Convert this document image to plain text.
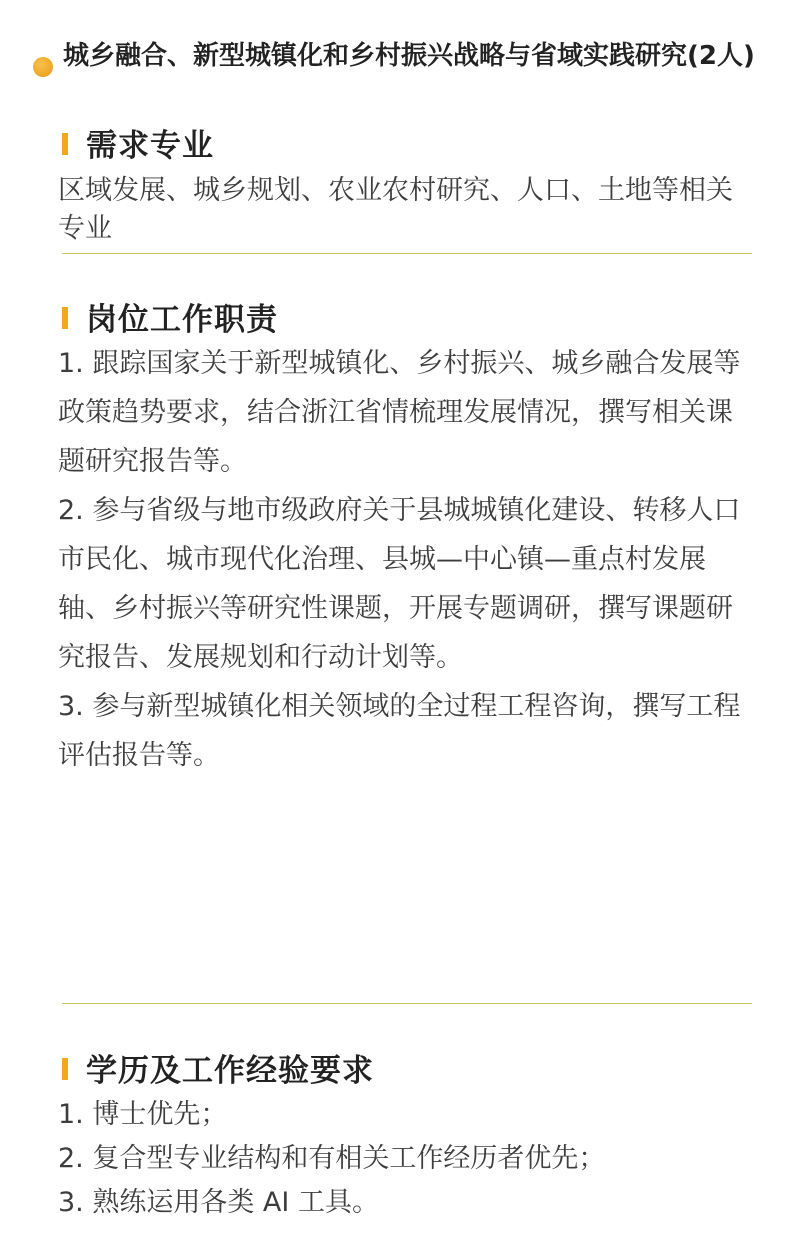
城乡融合、新型城镇化和乡村振兴战略与省域实践研究(2人)
需求专业

区域发展、城乡规划、农业农村研究、人口、土地等相关专业

岗位工作职责
1. 跟踪国家关于新型城镇化、乡村振兴、城乡融合发展等政策趋势要求，结合浙江省情梳理发展情况，撰写相关课题研究报告等。
2. 参与省级与地市级政府关于县城城镇化建设、转移人口市民化、城市现代化治理、县城—中心镇—重点村发展轴、乡村振兴等研究性课题，开展专题调研，撰写课题研究报告、发展规划和行动计划等。
3. 参与新型城镇化相关领域的全过程工程咨询，撰写工程评估报告等。
学历及工作经验要求
1. 博士优先；
2. 复合型专业结构和有相关工作经历者优先；
3. 熟练运用各类 AI 工具。
